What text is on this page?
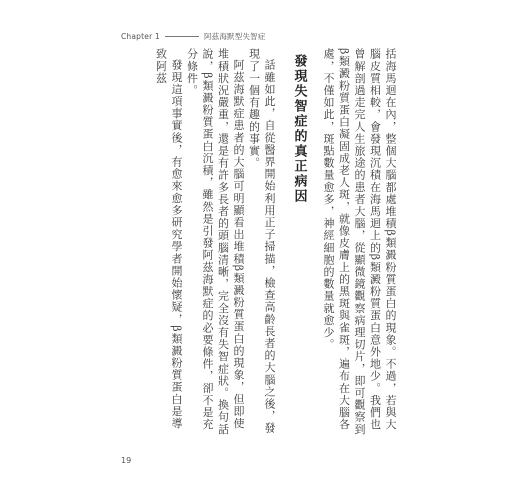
Chapter 1	阿茲海默型失智症

括海馬迴在內，整個大腦都處堆積β類澱粉質蛋白的現象。不過，若與大腦皮質相較，會發現沉積在海馬迴上的β類澱粉質蛋白意外地少。我們也曾解剖過走完人生旅途的患者大腦，從顯微鏡觀察病理切片，即可觀察到β類澱粉質蛋白凝固成老人斑，就像皮膚上的黑斑與雀斑，遍布在大腦各處，不僅如此，斑點數量愈多，神經細胞的數量就愈少。

發現失智症的真正病因

話雖如此，自從醫界開始利用正子掃描，檢查高齡長者的大腦之後，發現了一個有趣的事實。

阿茲海默症患者的大腦可明顯看出堆積β類澱粉質蛋白的現象，但即使堆積狀況嚴重，還是有許多長者的頭腦清晰，完全沒有失智症狀。換句話說，β類澱粉質蛋白沉積，雖然是引發阿茲海默症的必要條件，卻不是充分條件。

發現這項事實後，有愈來愈多研究學者開始懷疑，β類澱粉質蛋白是導致阿茲

19
